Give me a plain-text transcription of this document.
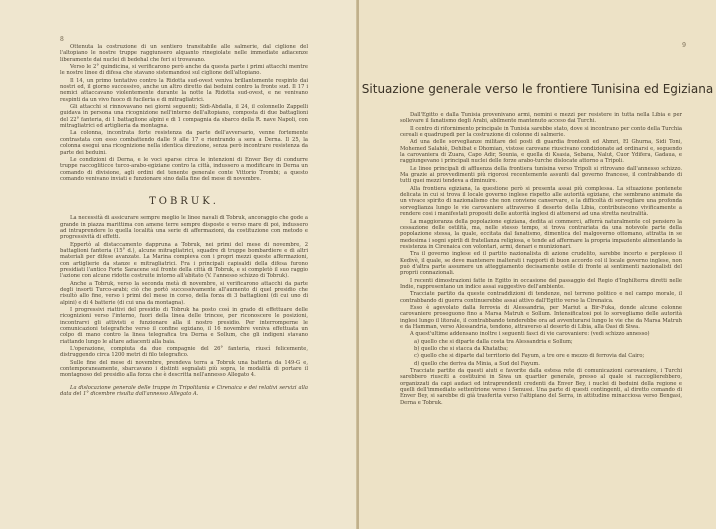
8

Ottenuta la costruzione di un sentiero transitabile alle salmerie, dal ciglione del l'altopiano le nostre truppe raggiunsero alquanto rinegiolate nelle immediate adiacenze liberamente dai nuclei di bedehal che feri si trovavano.

Verso le 2° quindicina, si verificarono però anche da questa parte i primi attacchi mentre le nostre linee di difesa che stavano sistemandosi sul ciglione dell'altopiano.

Il 14, un primo tentativo contro la Ridotta sud-ovest veniva brillantemente respinto dai nostri ed, il giorno successivo, anche un altro diretto dai beduini contro la fronte sud. Il 17 i nemici attaccavano violentemente durante la notte la Ridotta sud-ovest, e ne venivano respinti da un vivo fuoco di fucileria e di mitragliatrici.

Gli attacchi si rinnovavano nei giorni seguenti; Sidi-Abdalla, il 24, il colonnello Zappelli guidava in persona una ricognizione nell'interno dell'altopiano, composta di due battaglioni del 22° fanteria, di 1 battaglione alpini e di 1 compagnia da sbarco della R. nave Napoli, con mitragliatrici ed artiglieria da montagna.

La colonna, incontrata forte resistenza da parte dell'avversario, venne fortemente contrastata con esso combattendo dalle 9 alle 17 e rientrando a sera a Derna. Il 25, la colonna eseguì una ricognizione nella identica direzione, senza però incontrare resistenza da parte dei beduini.

Le condizioni di Derna, e le voci sparse circa le intenzioni di Enver Bey di condurre truppe raccogliticce turco-arabo-egiziane contro la città, indussero a modificare in Derna un comando di divisione, agli ordini del tenente generale conte Vittorio Trombi; a questo comando venivano inviati e funzionare sino dalla fine del mese di novembre.

TOBRUK.

La necessità di assicurare sempre meglio le linee navali di Tobruk, ancoraggio che gode a grande in piazza marittima con amene terre sempre disposte e verso mare di poi, indussero ad intraprendere lo quella località una serie di affermazioni, da costituzione con metodo e progressività di effetti.

Eppertò al distaccamento dappruna a Tobruk, nei primi del mese di novembre, 2 battaglioni fanteria (15° d.), alcune mitragliatrici, squadre di truppe bombardiere e di altri materiali per difese avanzate. La Marina compieva con i propri mezzi queste affermazioni, con artiglierie da stanze e mitragliatrici. Fra i principali capisaldi della difesa furono presidiati l'antico Forte Saracene sul fronte della città di Tobruk, e si completò il suo raggio l'azione con alcune ridotte costruite intorno all'abitato (V. l'annesso schizzo di Tobruk).

Anche a Tobruk, verso la seconda metà di novembre, si verificarono attacchi da parte degli insorti Turco-arabi; ciò che portò successivamente all'aumento di quel presidio che risultò allo fine, verso i primi del mese in corso, della forza di 3 battaglioni (di cui uno di alpini) e di 4 batterie (di cui una da montagna).

I progressivi riattivi del presidio di Tobruk ha posto così in grado di effettuare delle ricognizioni verso l'interno, fuori della linea delle trincee, per riconoscere le posizioni, incontrarvi gli attivisti e funzionare alla il nostro presidio. Per interromperne le comunicazioni telegrafiche verso il confine egiziano, il 16 novembre veniva effettuata un colpo di mano contro la linea telegrafica tra Derna e Sollum, che gli indigeni stavano riattando lungo le altare adiacenti alla baia.

L'operazione, compiuta da due compagnie del 26° fanteria, riuscì felicemente, distruggendo circa 1200 metri di filo telegrafico.

Sulle fine del mese di novembre, prendeva terra a Tobruk una batteria da 149-G e, contemporaneamente, sbarcavano i distinti segnalati più sopra, le modalità di portare il montagnoso del presidio alla forza che è descritta nell'annesso Allegato 4.

La dislocazione generale delle truppe in Tripolitania e Cirenaica e dei relativi servizi alla data del 1° dicembre risulta dall'annesso Allegato A.
9
Situazione generale verso le frontiere Tunisina ed Egiziana

Dall'Egitto e dalla Tunisia provenivano armi, nemini e mezzi per resistere in tutta nella Libia e per sollevare il fanatismo degli Arabi, abilmente mantenuto acceso dai Turchi.

Il centro di rifornimento principale in Tunisia sarebbe stato, dove si incontrano per conto della Turchia cereali e quadrupedi per la costruzione di colonne di salmerie.

Ad una delle sorveglianze militare del posti di guardia fronteoli ed Ahmri, El Ghurna, Sidi Toni, Mohemed Salahiè, Dehibat e Dhomian, vistose carovane riuscivano condizionate ad ordinarsi e, seguendo la carovaniera di Zuara, Capo Adir, Sounia, e quella di Ksasia, Sebana, Nalut, Cuor Ydifera, Gadaua, e raggiungevano i principali nuclei delle forze arabo-turche dislocate attorno a Tripoli.

Le linee principali di affluenza della frontiera tunisina verso Tripoli si ritrovano dall'annesso schizzo. Ma grazie ai provvedimenti più rigorosi recentemente assunti dal governo francese, il contrabbando di tutti quei mezzi tendeva a diminuire.

Alla frontiera egiziana, la questione però si presenta assai più complessa. La situazione pontenete delicata in cui si trova il locale governo inglese rispetto alle autorità egiziane, che sembrano animate da un vivace spirito di nazionalismo che non conviene canservare, e la difficoltà di sorvegliare una profonda sorveglianza lungo le vie carovaniere attraverso il deserto della Libia, contribuiscono vivificamente a rendere cosi i manifestati propositi delle autorità inglesi di attenersi ad una stretta neutralità.

La maggioranza della popolazione egiziana, dedita ai commerci, afferrà naturalmente col pensiero la cessazione delle ostilità, ma, nelle stesso tempo, si trova contrariata da una notevole parte della popolazione stessa, la quale, eccitata dal fanatismo, dimentica del malgoverno ottomano, attratta in se medesima i sogni spirili di fratellanza religiosa, e tende ad affermare la propria impaziente alimentando la resistenza in Cirenaica con volontari, armi, denari e munizionari.

Tra il governo inglese ed il partito nazionalista di azione crudelito, sarebbe incerto e perplesso il Kedivè, il quale, se deve mantenere inalterati i rapporti di buon accordo col il locale governo inglese, non può d'altra parte assumere un atteggiamento decisamente ostile di fronte ai sentimenti nazionalisti del proprii connazionali.

I recenti dimostrazioni fatte in Egitto in occasione del passaggio del Regio d'Inghilterra diretti nelle Indie, rappresentano un indice assai suggestivo dell'ambiente.

Tracciate partito da queste contraddizioni di tendenze, nel terreno politico e nel campo morale, il contrabbando di guerra continuerebbe assai attivo dall'Egitto verso la Cirenaica.

Esso è agevolato dalla ferrovia di Alessandria, per Mariut a Bir-Fuka, donde alcune colonne carovaniere proseguono fino a Marsa Matruh e Sollum. Intensificatosi poi lo sorvegliamo delle autorità inglesi lungo il litorale, il contrabbando tenderebbe ora ad avventurarsi lungo le vie che da Marsa Matruh e da Hamman, verso Alessandria, tendono, attraverso al deserto di Libia, alla Oasi di Siwa.

A quest'ultime addensano inoltre i seguenti fasci di vie carovaniere: (vedi schizzo annesso)

a) quello che si diparte dalla costa tra Alessandria e Sollum;

b) quello che si stacca da Khatatba;

c) quello che si diparte dal territorio del Fayum, a tre ore e mezzo di ferrovia dal Cairo;

d) quello che deriva da Minia, a Sud del Fayum.

Tracciate partite da questi aiuti e favorite dalla estesa rete di comunicazioni carovaniere, i Turchi sarebbero riusciti a costituirsi in Siwa un quartier generale, presso al quale si raccoglierebbero, organizzati da capi audaci ed intraprendenti credenti da Enver Bey, i nuclei di beduini della regione e quelli dell'immediato settentrione verso i Senussi. Una parte di questi contingenti, al diretto comando di Enver Bey, si sarebbe di già trasferita verso l'altipiano del Serra, in attitudine minacciosa verso Bengasi, Derna e Tobruk.
